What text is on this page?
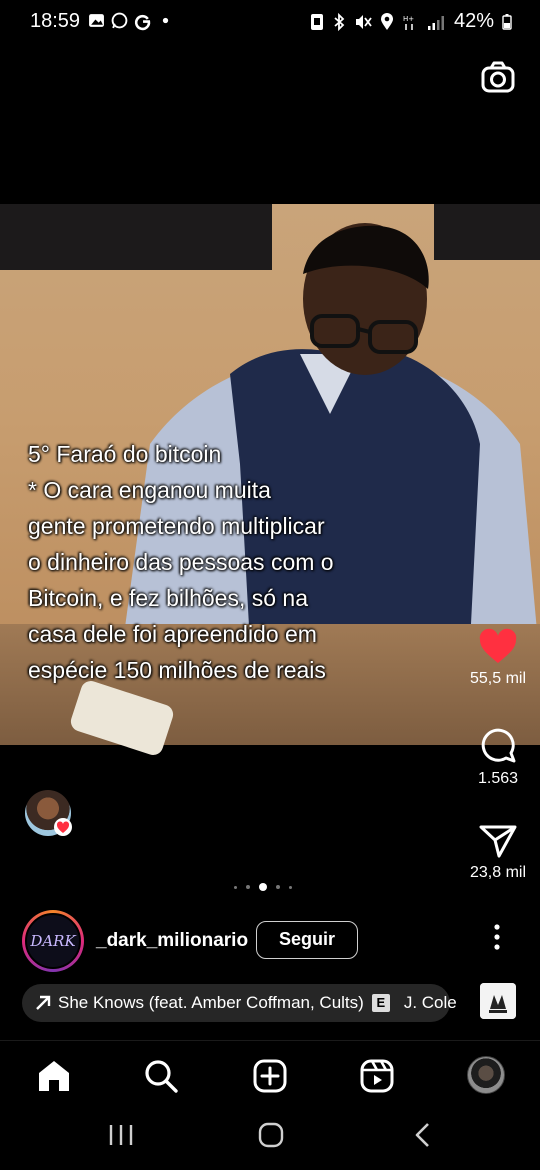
18:59	H+ 42%
5° Faraó do bitcoin
* O cara enganou muita
gente prometendo multiplicar
o dinheiro das pessoas com o
Bitcoin, e fez bilhões, só na
casa dele foi apreendido em
espécie 150 milhões de reais	55,5 mil
1.563
23,8 mil
DARK _dark_milionario	Seguir
She Knows (feat. Amber Coffman, Cults) E J. Cole
